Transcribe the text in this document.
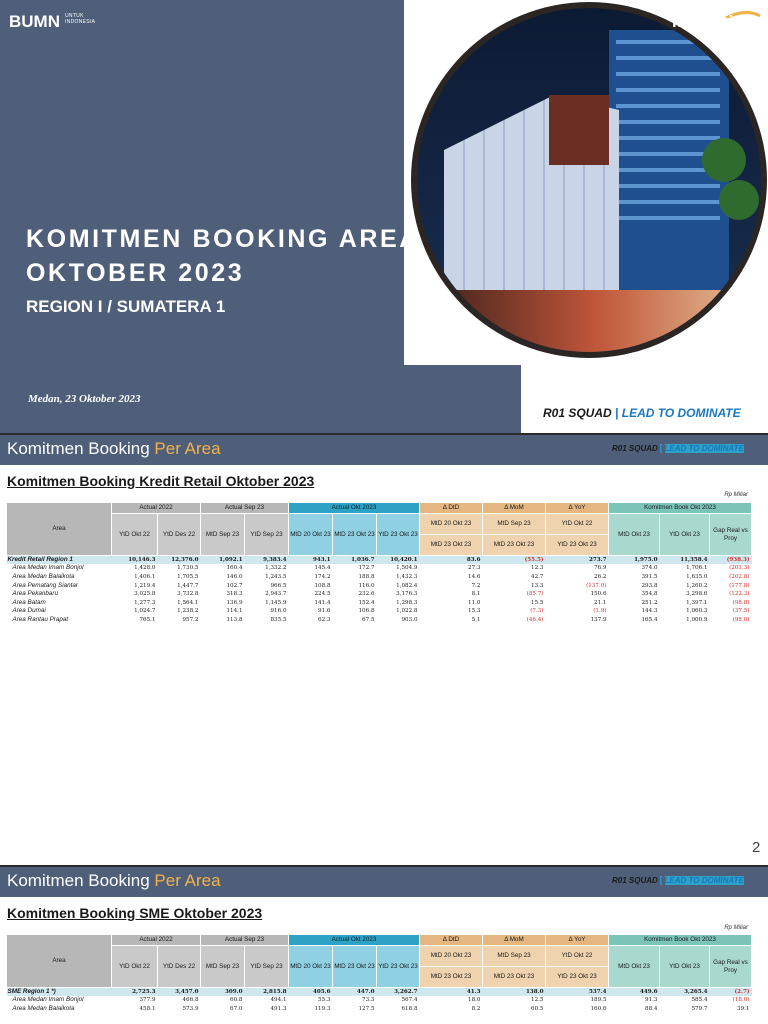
BUMN UNTUK
INDONESIA	mandiri
KOMITMEN BOOKING AREA
OKTOBER 2023
REGION I / SUMATERA 1
Medan, 23 Oktober 2023
R01 SQUAD | LEAD TO DOMINATE
Komitmen Booking Per Area	R01 SQUAD | LEAD TO DOMINATE
Komitmen Booking Kredit Retail Oktober 2023
Rp Miliar
Area	Actual 2022		Actual Sep 23		Actual Okt 2023			Δ DtD	Δ MoM	Δ YoY	Komitmen Book Okt 2023		
	YtD Okt 22	YtD Des 22	MtD Sep 23	YtD Sep 23	MtD 20 Okt 23	MtD 23 Okt 23	YtD 23 Okt 23	MtD 20 Okt 23	MtD Sep 23	YtD Okt 22	MtD Okt 23	YtD Okt 23	Gap Real vs Proy
								MtD 23 Okt 23	MtD 23 Okt 23	YtD 23 Okt 23			
Kredit Retail Region 1	10,146.3	12,376.0	1,092.1	9,383.4	943.1	1,036.7	10,420.1	83.6	(55.5)	273.7	1,975.0	11,358.4	(938.3)
Area Medan Imam Bonjol	1,428.0	1,730.5	160.4	1,332.2	145.4	172.7	1,504.9	27.3	12.3	76.9	374.0	1,706.1	(201.3)
Area Medan Balaikota	1,406.1	1,705.5	146.0	1,243.5	174.2	188.8	1,432.3	14.6	42.7	26.2	391.5	1,635.0	(202.8)
Area Pematang Siantar	1,219.4	1,447.7	102.7	966.5	108.8	116.0	1,082.4	7.2	13.3	(137.0)	293.8	1,260.2	(177.8)
Area Pekanbaru	3,025.8	3,732.8	318.3	2,943.7	224.5	232.6	3,176.3	8.1	(85.7)	150.6	354.8	3,298.6	(122.3)
Area Batam	1,277.3	1,564.1	136.9	1,145.9	141.4	152.4	1,298.3	11.0	15.5	21.1	251.2	1,397.1	(98.8)
Area Dumai	1,024.7	1,238.2	114.1	916.0	91.6	106.8	1,022.8	15.3	(7.3)	(1.9)	144.3	1,060.3	(37.5)
Area Rantau Prapat	765.1	957.2	113.8	835.5	62.3	67.5	903.0	5.1	(46.4)	137.9	165.4	1,000.9	(98.0)
2
Komitmen Booking Per Area	R01 SQUAD | LEAD TO DOMINATE
Komitmen Booking SME Oktober 2023
Rp Miliar
Area	Actual 2022		Actual Sep 23		Actual Okt 2023			Δ DtD	Δ MoM	Δ YoY	Komitmen Book Okt 2023		
	YtD Okt 22	YtD Des 22	MtD Sep 23	YtD Sep 23	MtD 20 Okt 23	MtD 23 Okt 23	YtD 23 Okt 23	MtD 20 Okt 23	MtD Sep 23	YtD Okt 22	MtD Okt 23	YtD Okt 23	Gap Real vs Proy
								MtD 23 Okt 23	MtD 23 Okt 23	YtD 23 Okt 23			
SME Region 1 *)	2,725.3	3,457.0	309.0	2,815.8	405.6	447.0	3,262.7	41.3	138.0	537.4	449.6	3,265.4	(2.7)
Area Medan Imam Bonjol	377.9	466.8	60.8	494.1	55.3	73.3	567.4	18.0	12.5	189.5	91.3	585.4	(18.0)
Area Medan Balaikota	458.1	573.9	67.0	491.3	119.3	127.5	618.8	8.2	60.5	160.6	88.4	579.7	39.1
